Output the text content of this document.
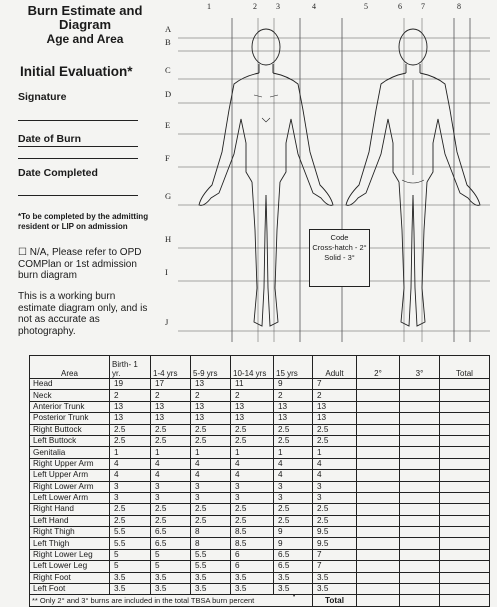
Burn Estimate and
Diagram
Age and Area
Initial Evaluation*
Signature
Date of Burn
Date Completed
*To be completed by the admitting resident or LIP on admission
☐ N/A, Please refer to OPD COMPlan or 1st admission burn diagram
This is a working burn estimate diagram only, and is not as accurate as photography.
1	2 3	4	5	6 7	8
A
B
C
D
E
F
G
H
I
J
Code
Cross-hatch - 2°
Solid - 3°
Area	Birth- 1 yr.	1-4 yrs	5-9 yrs	10-14 yrs	15 yrs	Adult	2°	3°	Total
Head	19	17	13	11	9	7			
Neck	2	2	2	2	2	2			
Anterior Trunk	13	13	13	13	13	13			
Posterior Trunk	13	13	13	13	13	13			
Right Buttock	2.5	2.5	2.5	2.5	2.5	2.5			
Left Buttock	2.5	2.5	2.5	2.5	2.5	2.5			
Genitalia	1	1	1	1	1	1			
Right Upper Arm	4	4	4	4	4	4			
Left Upper Arm	4	4	4	4	4	4			
Right Lower Arm	3	3	3	3	3	3			
Left Lower Arm	3	3	3	3	3	3			
Right Hand	2.5	2.5	2.5	2.5	2.5	2.5			
Left Hand	2.5	2.5	2.5	2.5	2.5	2.5			
Right Thigh	5.5	6.5	8	8.5	9	9.5			
Left Thigh	5.5	6.5	8	8.5	9	9.5			
Right Lower Leg	5	5	5.5	6	6.5	7			
Left Lower Leg	5	5	5.5	6	6.5	7			
Right Foot	3.5	3.5	3.5	3.5	3.5	3.5			
Left Foot	3.5	3.5	3.5	3.5	3.5	3.5			
** Only 2° and 3° burns are included in the total TBSA burn percent						Total			
•
